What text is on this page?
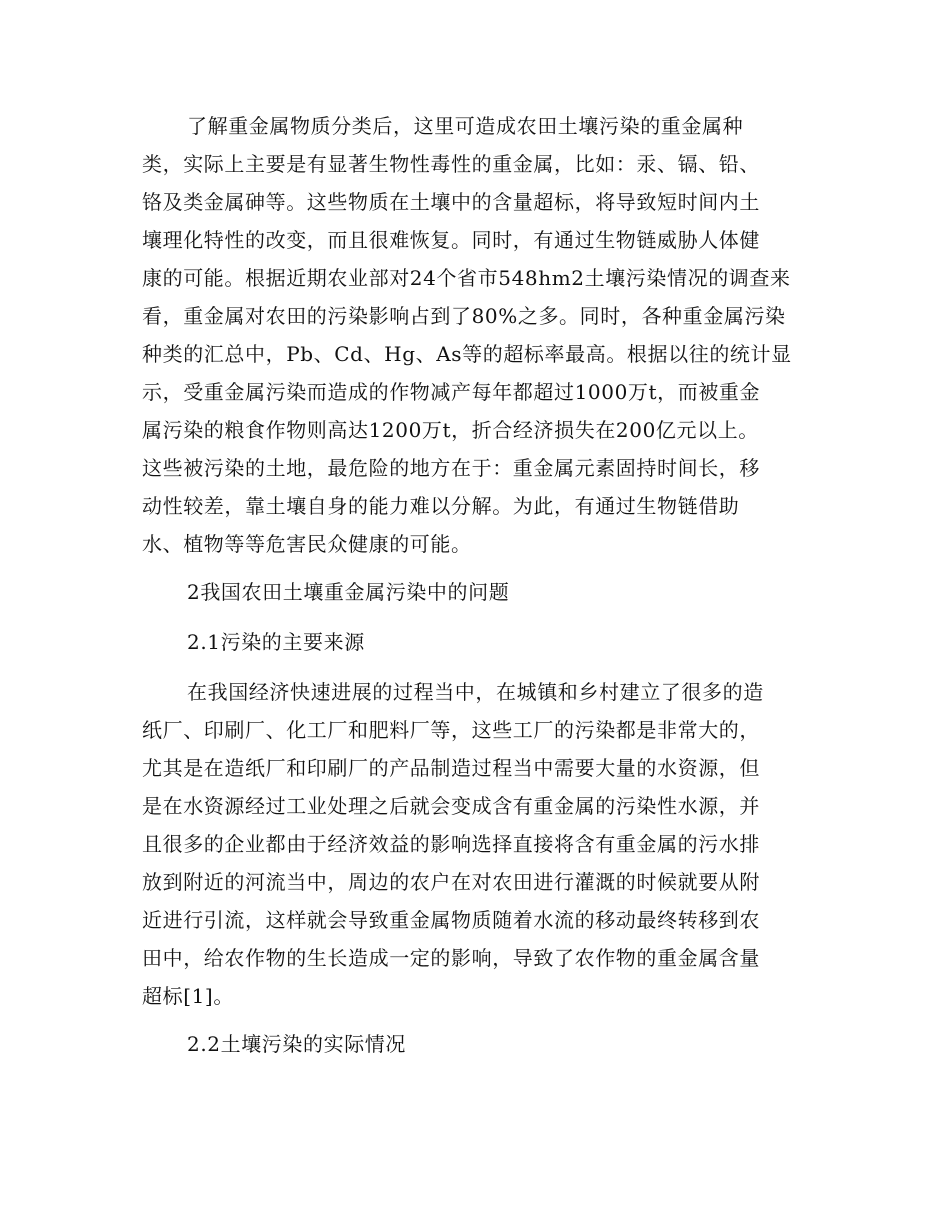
了解重金属物质分类后，这里可造成农田土壤污染的重金属种
类，实际上主要是有显著生物性毒性的重金属，比如：汞、镉、铅、
铬及类金属砷等。这些物质在土壤中的含量超标，将导致短时间内土
壤理化特性的改变，而且很难恢复。同时，有通过生物链威胁人体健
康的可能。根据近期农业部对24个省市548hm2土壤污染情况的调查来
看，重金属对农田的污染影响占到了80%之多。同时，各种重金属污染
种类的汇总中，Pb、Cd、Hg、As等的超标率最高。根据以往的统计显
示，受重金属污染而造成的作物减产每年都超过1000万t，而被重金
属污染的粮食作物则高达1200万t，折合经济损失在200亿元以上。
这些被污染的土地，最危险的地方在于：重金属元素固持时间长，移
动性较差，靠土壤自身的能力难以分解。为此，有通过生物链借助
水、植物等等危害民众健康的可能。
2我国农田土壤重金属污染中的问题
2.1污染的主要来源
在我国经济快速进展的过程当中，在城镇和乡村建立了很多的造
纸厂、印刷厂、化工厂和肥料厂等，这些工厂的污染都是非常大的，
尤其是在造纸厂和印刷厂的产品制造过程当中需要大量的水资源，但
是在水资源经过工业处理之后就会变成含有重金属的污染性水源，并
且很多的企业都由于经济效益的影响选择直接将含有重金属的污水排
放到附近的河流当中，周边的农户在对农田进行灌溉的时候就要从附
近进行引流，这样就会导致重金属物质随着水流的移动最终转移到农
田中，给农作物的生长造成一定的影响，导致了农作物的重金属含量
超标[1]。
2.2土壤污染的实际情况
